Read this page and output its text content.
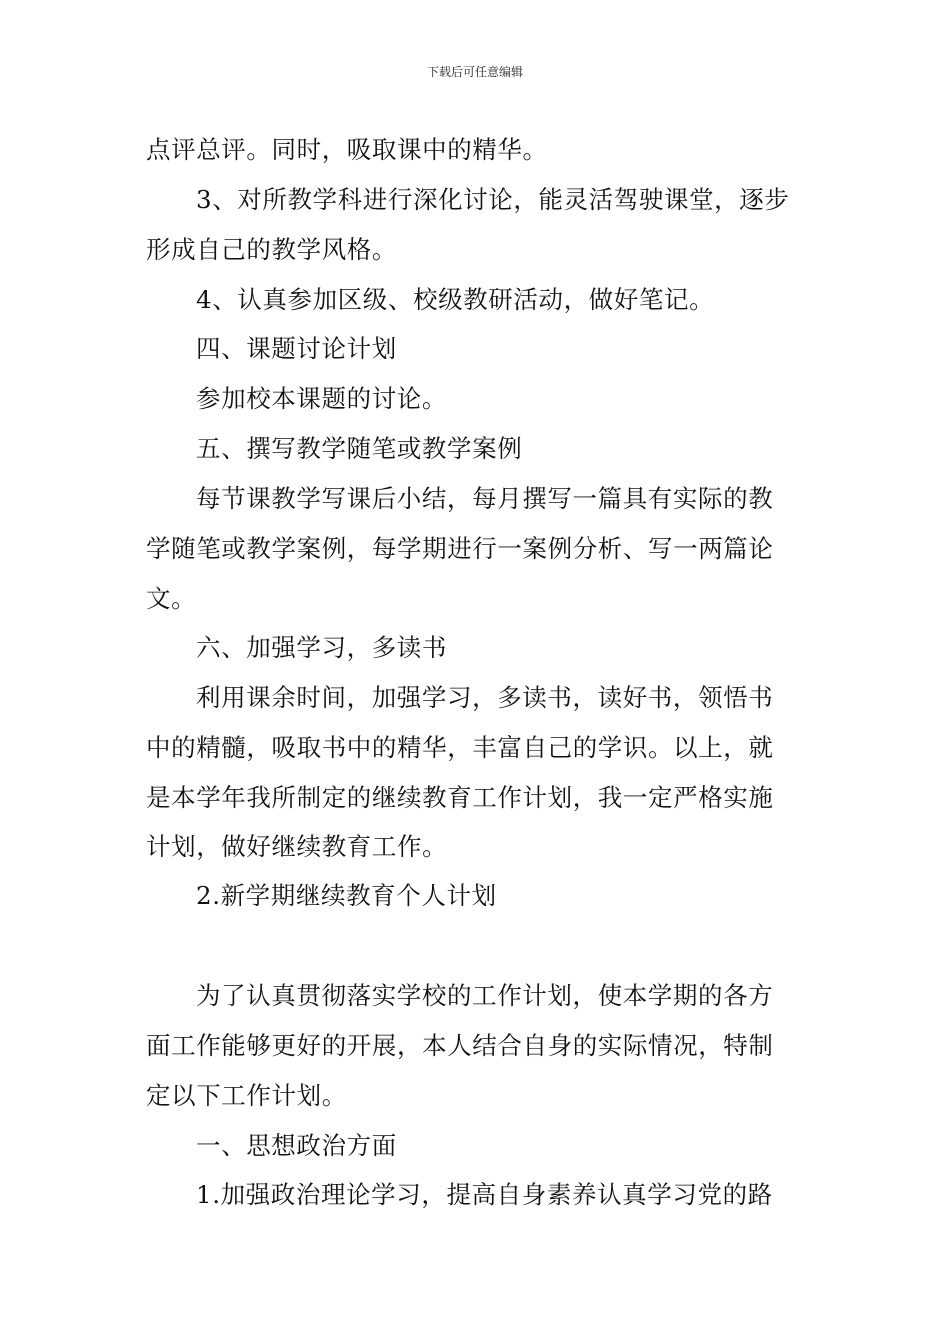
下载后可任意编辑
点评总评。同时，吸取课中的精华。
3、对所教学科进行深化讨论，能灵活驾驶课堂，逐步
形成自己的教学风格。
4、认真参加区级、校级教研活动，做好笔记。
四、课题讨论计划
参加校本课题的讨论。
五、撰写教学随笔或教学案例
每节课教学写课后小结，每月撰写一篇具有实际的教
学随笔或教学案例，每学期进行一案例分析、写一两篇论
文。
六、加强学习，多读书
利用课余时间，加强学习，多读书，读好书，领悟书
中的精髓，吸取书中的精华，丰富自己的学识。以上，就
是本学年我所制定的继续教育工作计划，我一定严格实施
计划，做好继续教育工作。
2.新学期继续教育个人计划
为了认真贯彻落实学校的工作计划，使本学期的各方
面工作能够更好的开展，本人结合自身的实际情况，特制
定以下工作计划。
一、思想政治方面
1.加强政治理论学习，提高自身素养认真学习党的路
